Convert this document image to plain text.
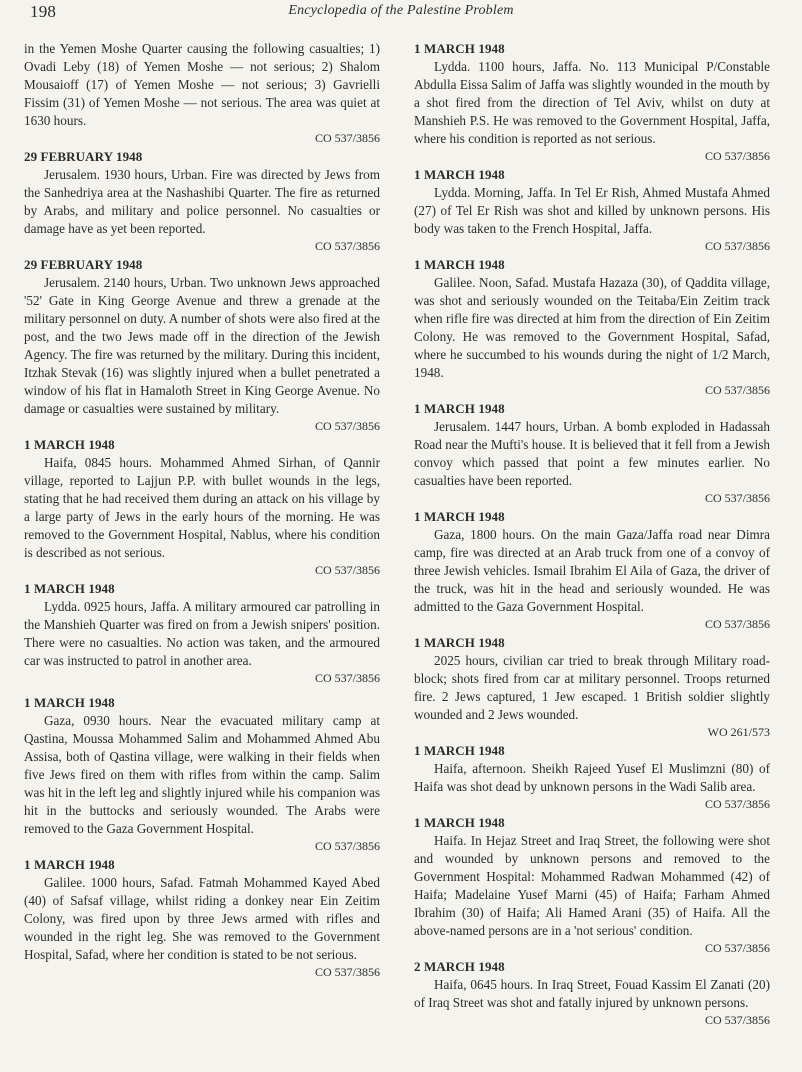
198	Encyclopedia of the Palestine Problem

in the Yemen Moshe Quarter causing the following casualties; 1) Ovadi Leby (18) of Yemen Moshe — not serious; 2) Shalom Mousaioff (17) of Yemen Moshe — not serious; 3) Gavrielli Fissim (31) of Yemen Moshe — not serious. The area was quiet at 1630 hours.

CO 537/3856
29 FEBRUARY 1948

Jerusalem. 1930 hours, Urban. Fire was directed by Jews from the Sanhedriya area at the Nashashibi Quarter. The fire as returned by Arabs, and military and police personnel. No casualties or damage have as yet been reported.

CO 537/3856
29 FEBRUARY 1948

Jerusalem. 2140 hours, Urban. Two unknown Jews approached '52' Gate in King George Avenue and threw a grenade at the military personnel on duty. A number of shots were also fired at the post, and the two Jews made off in the direction of the Jewish Agency. The fire was returned by the military. During this incident, Itzhak Stevak (16) was slightly injured when a bullet penetrated a window of his flat in Hamaloth Street in King George Avenue. No damage or casualties were sustained by military.

CO 537/3856
1 MARCH 1948

Haifa, 0845 hours. Mohammed Ahmed Sirhan, of Qannir village, reported to Lajjun P.P. with bullet wounds in the legs, stating that he had received them during an attack on his village by a large party of Jews in the early hours of the morning. He was removed to the Government Hospital, Nablus, where his condition is described as not serious.

CO 537/3856
1 MARCH 1948

Lydda. 0925 hours, Jaffa. A military armoured car patrolling in the Manshieh Quarter was fired on from a Jewish snipers' position. There were no casualties. No action was taken, and the armoured car was instructed to patrol in another area.

CO 537/3856
1 MARCH 1948

Gaza, 0930 hours. Near the evacuated military camp at Qastina, Moussa Mohammed Salim and Mohammed Ahmed Abu Assisa, both of Qastina village, were walking in their fields when five Jews fired on them with rifles from within the camp. Salim was hit in the left leg and slightly injured while his companion was hit in the buttocks and seriously wounded. The Arabs were removed to the Gaza Government Hospital.

CO 537/3856
1 MARCH 1948

Galilee. 1000 hours, Safad. Fatmah Mohammed Kayed Abed (40) of Safsaf village, whilst riding a donkey near Ein Zeitim Colony, was fired upon by three Jews armed with rifles and wounded in the right leg. She was removed to the Government Hospital, Safad, where her condition is stated to be not serious.

CO 537/3856
1 MARCH 1948

Lydda. 1100 hours, Jaffa. No. 113 Municipal P/Constable Abdulla Eissa Salim of Jaffa was slightly wounded in the mouth by a shot fired from the direction of Tel Aviv, whilst on duty at Manshieh P.S. He was removed to the Government Hospital, Jaffa, where his condition is reported as not serious.

CO 537/3856
1 MARCH 1948

Lydda. Morning, Jaffa. In Tel Er Rish, Ahmed Mustafa Ahmed (27) of Tel Er Rish was shot and killed by unknown persons. His body was taken to the French Hospital, Jaffa.

CO 537/3856
1 MARCH 1948

Galilee. Noon, Safad. Mustafa Hazaza (30), of Qaddita village, was shot and seriously wounded on the Teitaba/Ein Zeitim track when rifle fire was directed at him from the direction of Ein Zeitim Colony. He was removed to the Government Hospital, Safad, where he succumbed to his wounds during the night of 1/2 March, 1948.

CO 537/3856
1 MARCH 1948

Jerusalem. 1447 hours, Urban. A bomb exploded in Hadassah Road near the Mufti's house. It is believed that it fell from a Jewish convoy which passed that point a few minutes earlier. No casualties have been reported.

CO 537/3856
1 MARCH 1948

Gaza, 1800 hours. On the main Gaza/Jaffa road near Dimra camp, fire was directed at an Arab truck from one of a convoy of three Jewish vehicles. Ismail Ibrahim El Aila of Gaza, the driver of the truck, was hit in the head and seriously wounded. He was admitted to the Gaza Government Hospital.

CO 537/3856
1 MARCH 1948

2025 hours, civilian car tried to break through Military road-block; shots fired from car at military personnel. Troops returned fire. 2 Jews captured, 1 Jew escaped. 1 British soldier slightly wounded and 2 Jews wounded.

WO 261/573
1 MARCH 1948

Haifa, afternoon. Sheikh Rajeed Yusef El Muslimzni (80) of Haifa was shot dead by unknown persons in the Wadi Salib area.

CO 537/3856
1 MARCH 1948

Haifa. In Hejaz Street and Iraq Street, the following were shot and wounded by unknown persons and removed to the Government Hospital: Mohammed Radwan Mohammed (42) of Haifa; Madelaine Yusef Marni (45) of Haifa; Farham Ahmed Ibrahim (30) of Haifa; Ali Hamed Arani (35) of Haifa. All the above-named persons are in a 'not serious' condition.

CO 537/3856
2 MARCH 1948

Haifa, 0645 hours. In Iraq Street, Fouad Kassim El Zanati (20) of Iraq Street was shot and fatally injured by unknown persons.

CO 537/3856
